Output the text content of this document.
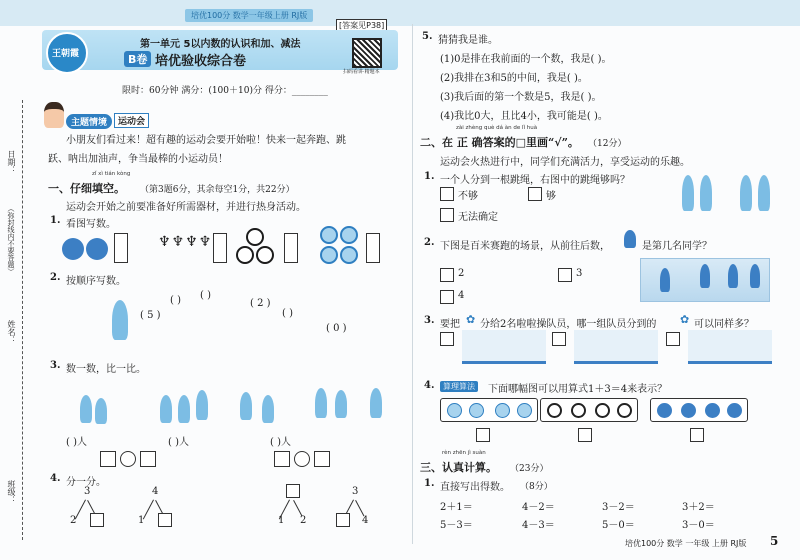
培优100分 数学一年级上册 RJ版
[答案见P38]
王朝霞
第一单元 5以内数的认识和加、减法
B卷 培优验收综合卷
扫码看讲·精题本
限时：60分钟 满分：(100＋10)分 得分：________
日期：
（弥封线内不要答题）
姓名：
班级：
主题情境	运动会
小朋友们看过来！超有趣的运动会要开始啦！快来一起奔跑、跳
跃、呐出加油声，争当最棒的小运动员！
zǐ xì tián kòng
一、仔细填空。 （第3题6分，其余每空1分，共22分）
运动会开始之前要准备好所需器材，并进行热身活动。
1. 看图写数。
♆♆♆♆
2. 按顺序写数。
( 5 )
( ) ( )
( 2 )
( )
( 0 )
3. 数一数，比一比。
( )人	( )人	( )人
4. 分一分。
3
2
4
1	1 2
3
4
5. 猜猜我是谁。
(1)0是排在我前面的一个数，我是( )。
(2)我排在3和5的中间，我是( )。
(3)我后面的第一个数是5，我是( )。
(4)我比0大，且比4小，我可能是( )。
zài zhèng què dá àn de lǐ huà
二、在 正 确答案的□里画“√”。 （12分）
运动会火热进行中，同学们充满活力，享受运动的乐趣。
1. 一个人分到一根跳绳，右图中的跳绳够吗？
不够	够
无法确定
2. 下图是百米赛跑的场景，从前往后数，	是第几名同学？
2	3
4
3. 要把 ✿ 分给2名啦啦操队员，哪一组队员分到的 ✿ 可以同样多？
4.	算理算法	下面哪幅图可以用算式1＋3＝4来表示？
rèn zhēn jì suàn
三、认真计算。 （23分）
1. 直接写出得数。 （8分）
2＋1＝	4－2＝	3－2＝	3＋2＝
5－3＝	4－3＝	5－0＝	3－0＝
培优100分 数学 一年级 上册 RJ版 5
